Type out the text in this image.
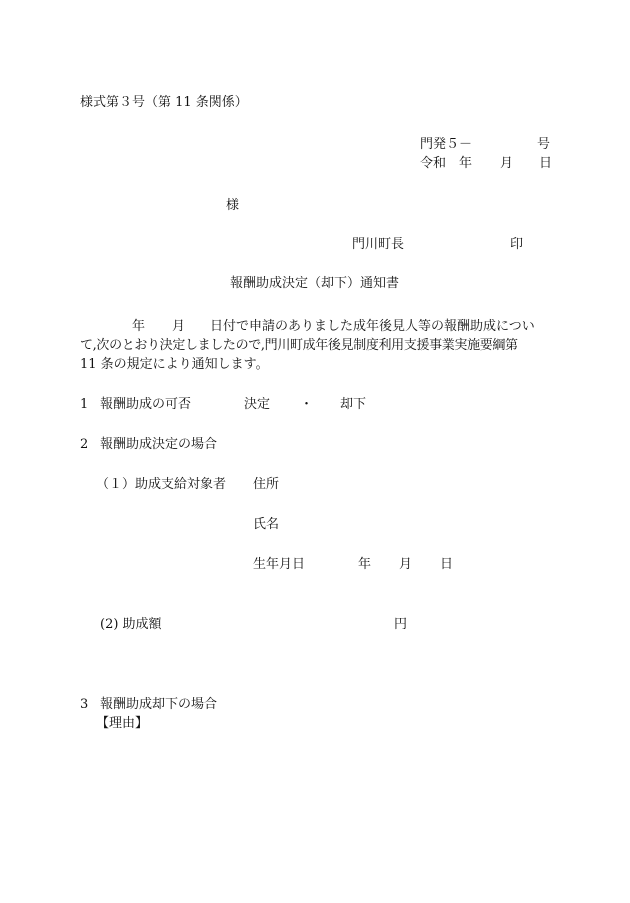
様式第３号（第 11 条関係）
門発５－　　　　　号
令和 年 月 日
様
門川町長	印
報酬助成決定（却下）通知書
年 月 日付で申請のありました成年後見人等の報酬助成につい
て,次のとおり決定しましたので,門川町成年後見制度利用支援事業実施要綱第
11 条の規定により通知します。
1 報酬助成の可否	決定 ・ 却下
2 報酬助成決定の場合
（１）助成支給対象者 住所
氏名
生年月日	年 月 日
(2) 助成額	円
3 報酬助成却下の場合
【理由】
